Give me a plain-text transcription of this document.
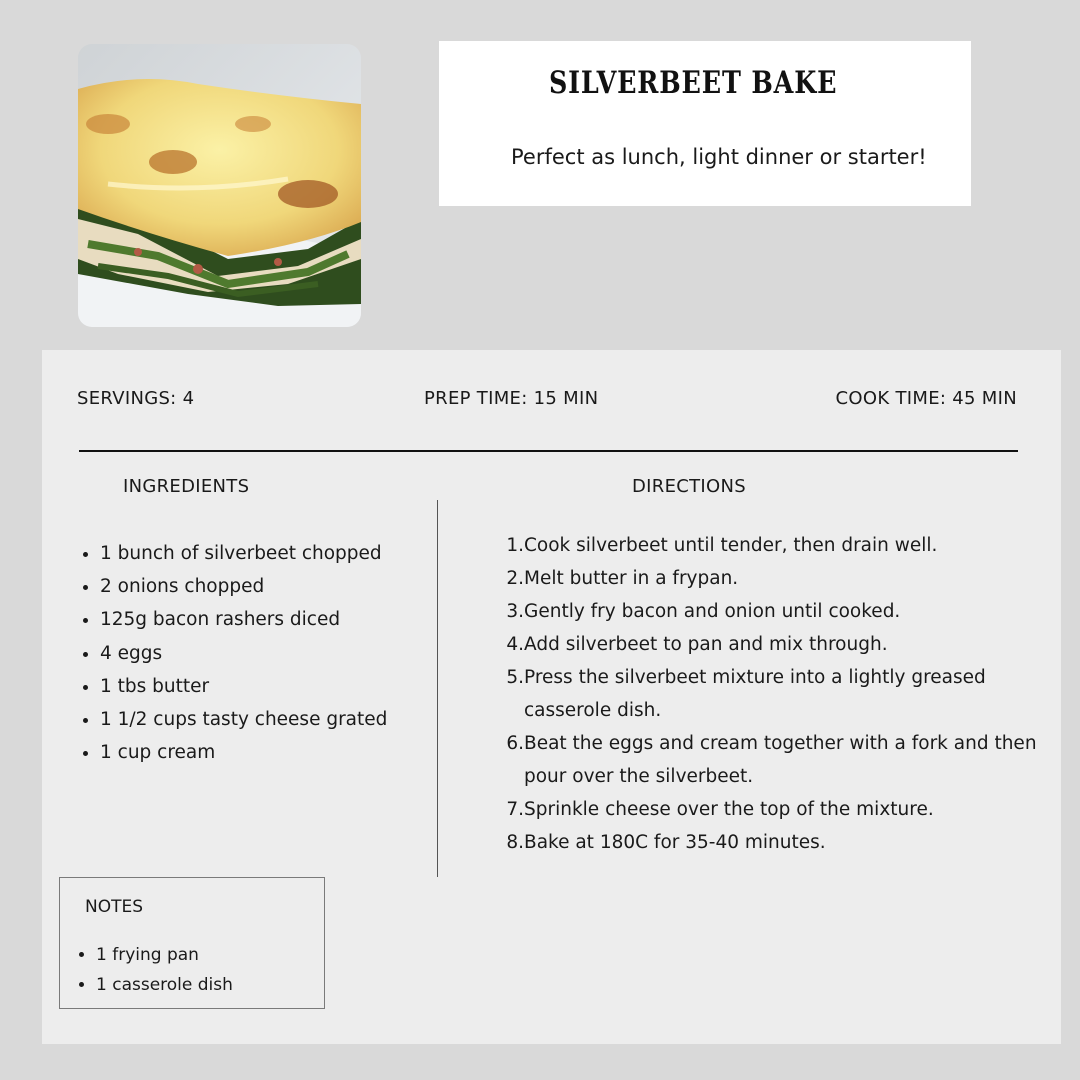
SILVERBEET BAKE

Perfect as lunch, light dinner or starter!

SERVINGS: 4	PREP TIME: 15 MIN	COOK TIME: 45 MIN
INGREDIENTS
• 1 bunch of silverbeet chopped
• 2 onions chopped
• 125g bacon rashers diced
• 4 eggs
• 1 tbs butter
• 1 1/2 cups tasty cheese grated
• 1 cup cream
DIRECTIONS
1. Cook silverbeet until tender, then drain well.
2. Melt butter in a frypan.
3. Gently fry bacon and onion until cooked.
4. Add silverbeet to pan and mix through.
5. Press the silverbeet mixture into a lightly greased casserole dish.
6. Beat the eggs and cream together with a fork and then pour over the silverbeet.
7. Sprinkle cheese over the top of the mixture.
8. Bake at 180C for 35-40 minutes.
NOTES
• 1 frying pan
• 1 casserole dish
